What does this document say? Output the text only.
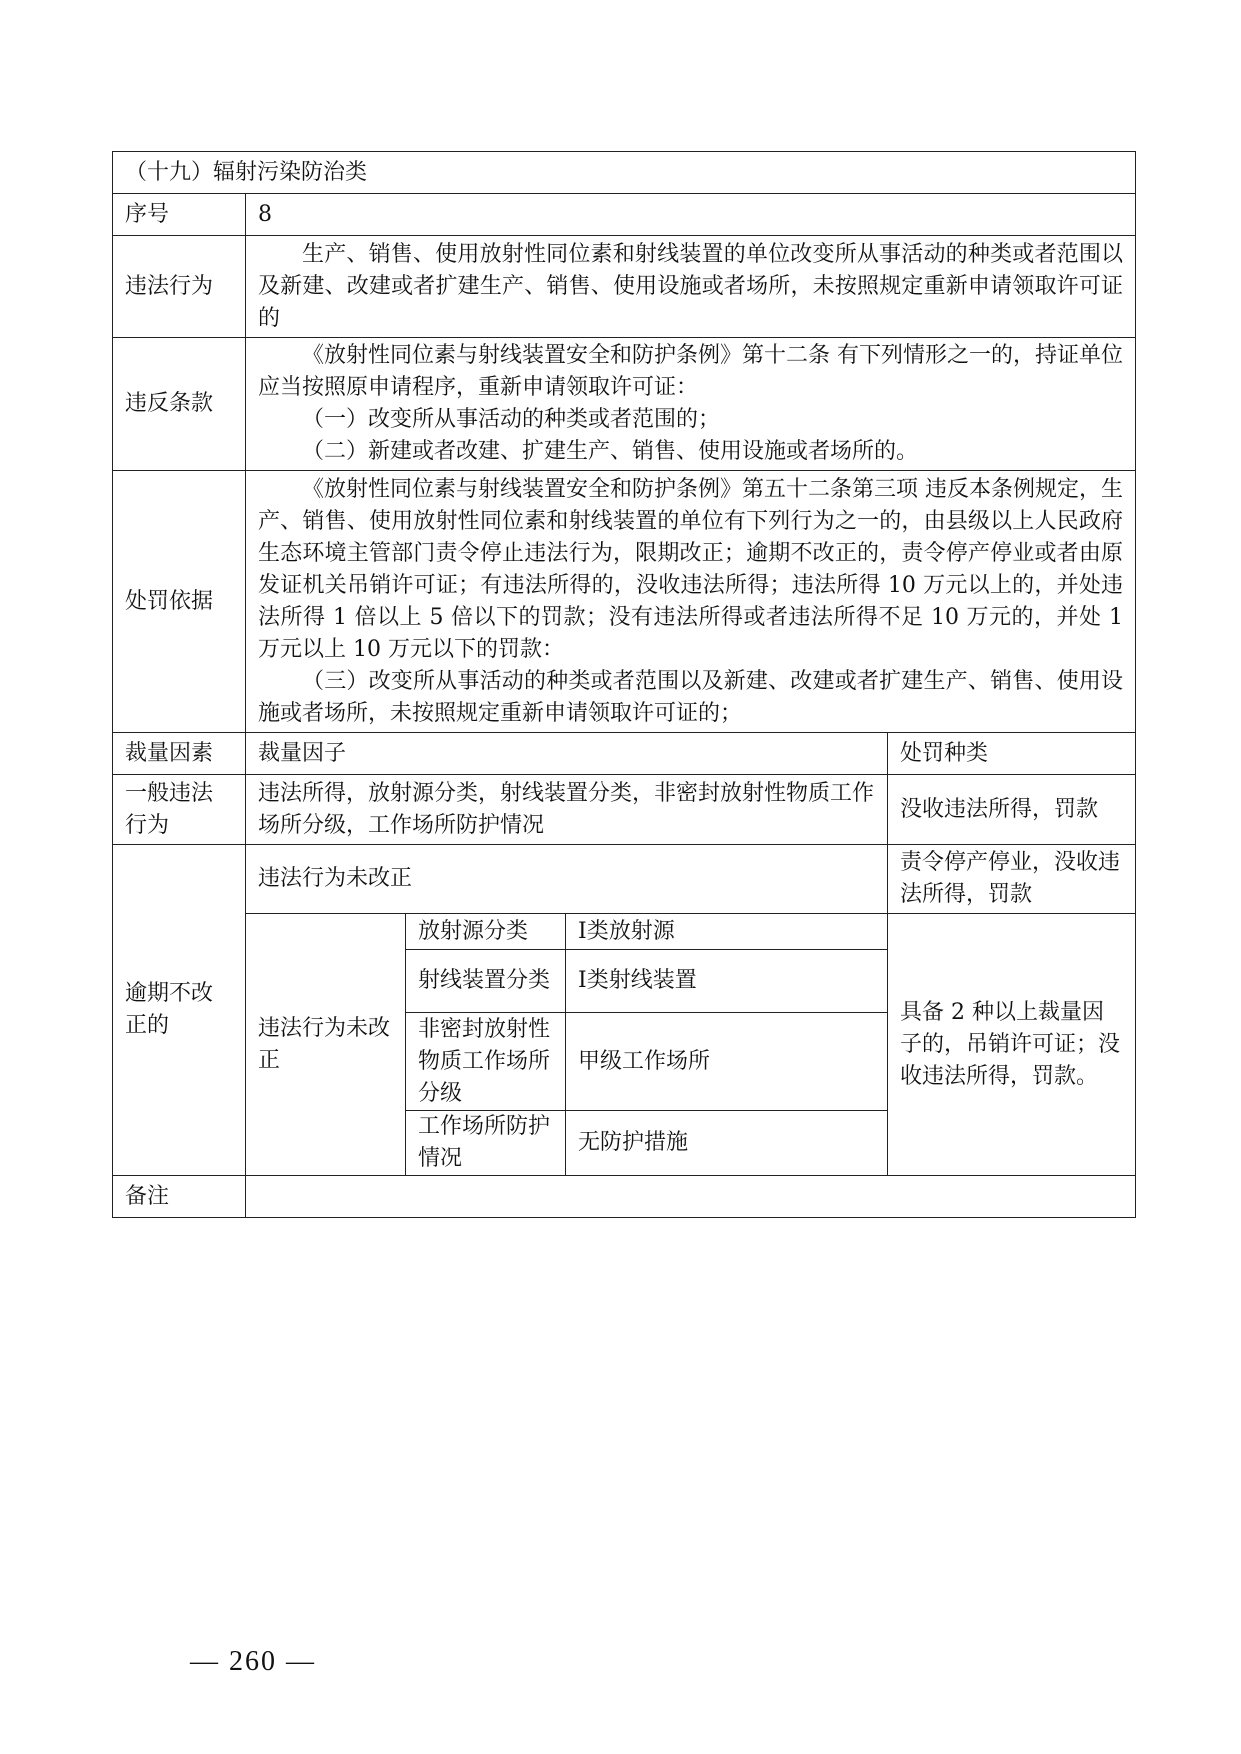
（十九）辐射污染防治类				
序号	8			
违法行为	生产、销售、使用放射性同位素和射线装置的单位改变所从事活动的种类或者范围以及新建、改建或者扩建生产、销售、使用设施或者场所，未按照规定重新申请领取许可证的			

违反条款	《放射性同位素与射线装置安全和防护条例》第十二条 有下列情形之一的，持证单位应当按照原申请程序，重新申请领取许可证：

（一）改变所从事活动的种类或者范围的；

（二）新建或者改建、扩建生产、销售、使用设施或者场所的。			

处罚依据	《放射性同位素与射线装置安全和防护条例》第五十二条第三项 违反本条例规定，生产、销售、使用放射性同位素和射线装置的单位有下列行为之一的，由县级以上人民政府生态环境主管部门责令停止违法行为，限期改正；逾期不改正的，责令停产停业或者由原发证机关吊销许可证；有违法所得的，没收违法所得；违法所得 10 万元以上的，并处违法所得 1 倍以上 5 倍以下的罚款；没有违法所得或者违法所得不足 10 万元的，并处 1 万元以上 10 万元以下的罚款：

（三）改变所从事活动的种类或者范围以及新建、改建或者扩建生产、销售、使用设施或者场所，未按照规定重新申请领取许可证的；			

裁量因素	裁量因子			处罚种类
一般违法行为	违法所得，放射源分类，射线装置分类，非密封放射性物质工作场所分级，工作场所防护情况			没收违法所得，罚款
逾期不改正的	违法行为未改正			责令停产停业，没收违法所得，罚款
	违法行为未改正	放射源分类	I类放射源	具备 2 种以上裁量因子的，吊销许可证；没收违法所得，罚款。
		射线装置分类	I类射线装置	
		非密封放射性物质工作场所分级	甲级工作场所	
		工作场所防护情况	无防护措施	

备注				
— 260 —
